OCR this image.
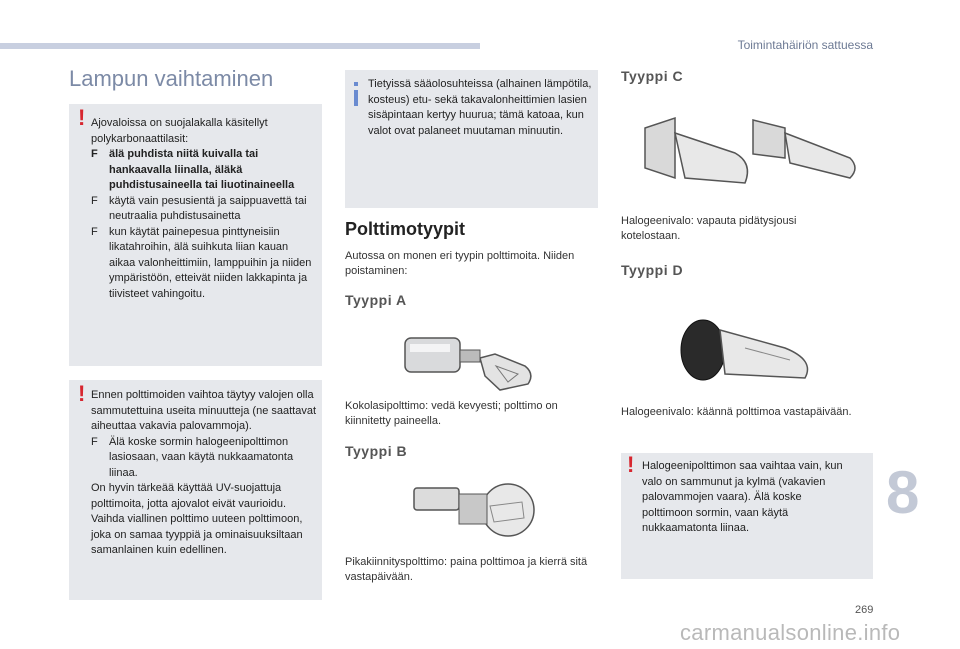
Toimintahäiriön sattuessa
Lampun vaihtaminen
! Ajovaloissa on suojalakalla käsitellyt polykarbonaattilasit:

F älä puhdista niitä kuivalla tai hankaavalla liinalla, äläkä puhdistusaineella tai liuotinaineella

F käytä vain pesusientä ja saippuavettä tai neutraalia puhdistusainetta

F kun käytät painepesua pinttyneisiin likatahroihin, älä suihkuta liian kauan aikaa valonheittimiin, lamppuihin ja niiden ympäristöön, etteivät niiden lakkapinta ja tiivisteet vahingoitu.

! Ennen polttimoiden vaihtoa täytyy valojen olla sammutettuina useita minuutteja (ne saattavat aiheuttaa vakavia palovammoja).

F Älä koske sormin halogeenipolttimon lasiosaan, vaan käytä nukkaamatonta liinaa.

On hyvin tärkeää käyttää UV-suojattuja polttimoita, jotta ajovalot eivät vaurioidu. Vaihda viallinen polttimo uuteen polttimoon, joka on samaa tyyppiä ja ominaisuuksiltaan samanlainen kuin edellinen.

Tietyissä sääolosuhteissa (alhainen lämpötila, kosteus) etu- sekä takavalonheittimien lasien sisäpintaan kertyy huuruа; tämä katoaa, kun valot ovat palaneet muutaman minuutin.
Polttimotyypit
Autossa on monen eri tyypin polttimoita. Niiden poistaminen:
Tyyppi A
Kokolasipolttimo: vedä kevyesti; polttimo on kiinnitetty paineella.
Tyyppi B
Pikakiinnityspolttimo: paina polttimoa ja kierrä sitä vastapäivään.
Tyyppi C
Halogeenivalo: vapauta pidätysjousi kotelostaan.
Tyyppi D
Halogeenivalo: käännä polttimoa vastapäivään.
! Halogeenipolttimon saa vaihtaa vain, kun valo on sammunut ja kylmä (vakavien palovammojen vaara). Älä koske polttimoon sormin, vaan käytä nukkaamatonta liinaa.
8
269
carmanualsonline.info
